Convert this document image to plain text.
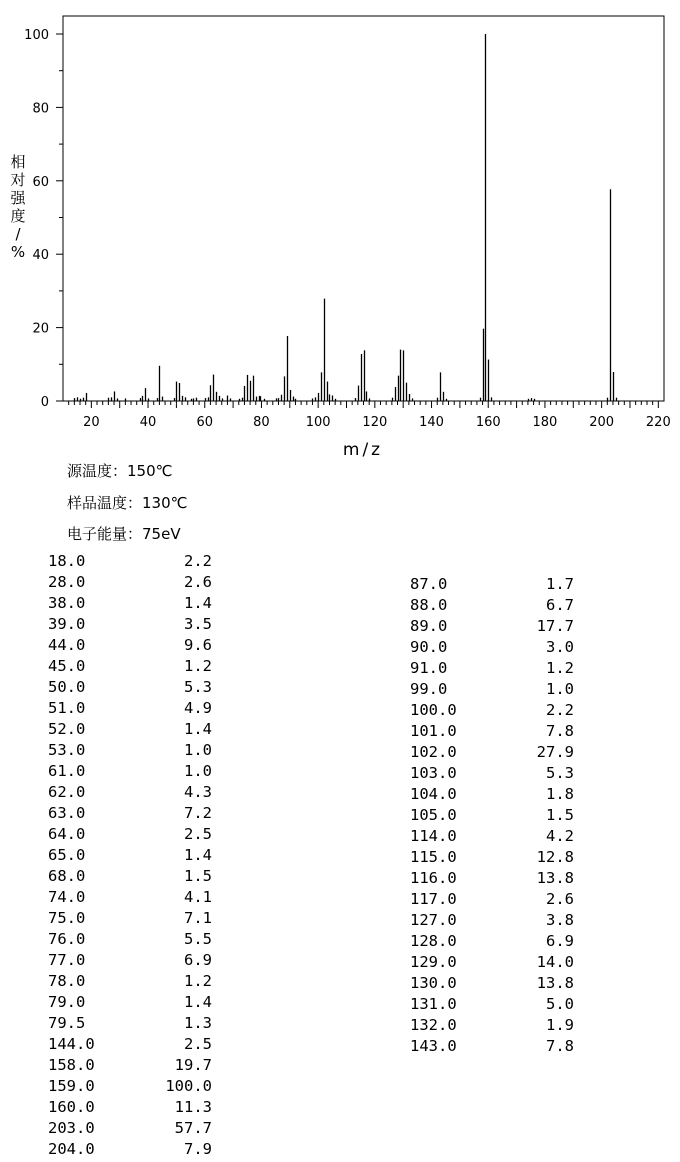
20	40	60	80	100 120 140 160 180 200 220
0
20
40
60
80
100
m/z
相对强度/ %
源温度：150℃
样品温度：130℃
电子能量：75eV
18.0	2.2
28.0	2.6
38.0	1.4
39.0	3.5
44.0	9.6
45.0	1.2
50.0	5.3
51.0	4.9
52.0	1.4
53.0	1.0
61.0	1.0
62.0	4.3
63.0	7.2
64.0	2.5
65.0	1.4
68.0	1.5
74.0	4.1
75.0	7.1
76.0	5.5
77.0	6.9
78.0	1.2
79.0	1.4
79.5	1.3
144.0	2.5
158.0	19.7
159.0	100.0
160.0	11.3
203.0	57.7
204.0	7.9
87.0	1.7
88.0	6.7
89.0	17.7
90.0	3.0
91.0	1.2
99.0	1.0
100.0	2.2
101.0	7.8
102.0	27.9
103.0	5.3
104.0	1.8
105.0	1.5
114.0	4.2
115.0	12.8
116.0	13.8
117.0	2.6
127.0	3.8
128.0	6.9
129.0	14.0
130.0	13.8
131.0	5.0
132.0	1.9
143.0	7.8
